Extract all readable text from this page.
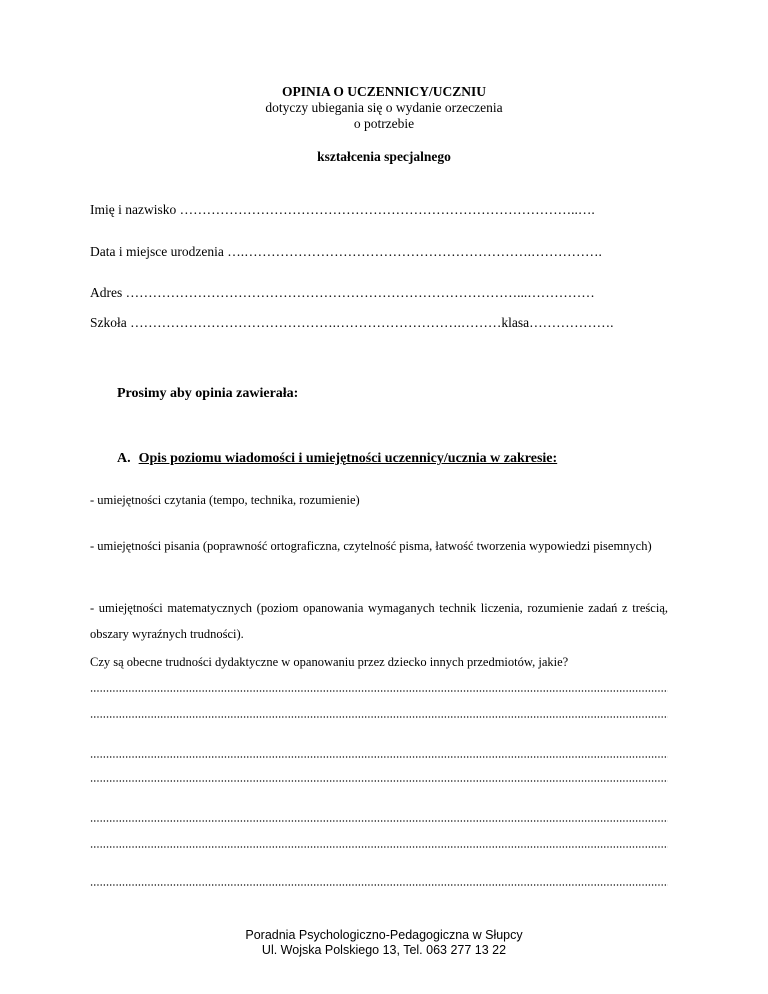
OPINIA O UCZENNICY/UCZNIU
dotyczy ubiegania się o wydanie orzeczenia
o potrzebie
kształcenia specjalnego
Imię i nazwisko ……………………………………………………………………………..….
Data i miejsce urodzenia ….……………………………………………………….…………….
Adres ……………………………………………………………………………...……………
Szkoła ……………………………………….……………………….………klasa……………….
Prosimy aby opinia zawierała:
A. Opis poziomu wiadomości i umiejętności uczennicy/ucznia w zakresie:
- umiejętności czytania (tempo, technika, rozumienie)
- umiejętności pisania (poprawność ortograficzna, czytelność pisma, łatwość tworzenia wypowiedzi pisemnych)
- umiejętności matematycznych (poziom opanowania wymaganych technik liczenia, rozumienie zadań z treścią, obszary wyraźnych trudności).
Czy są obecne trudności dydaktyczne w opanowaniu przez dziecko innych przedmiotów, jakie?
Poradnia Psychologiczno-Pedagogiczna w Słupcy
Ul. Wojska Polskiego 13, Tel. 063 277 13 22
